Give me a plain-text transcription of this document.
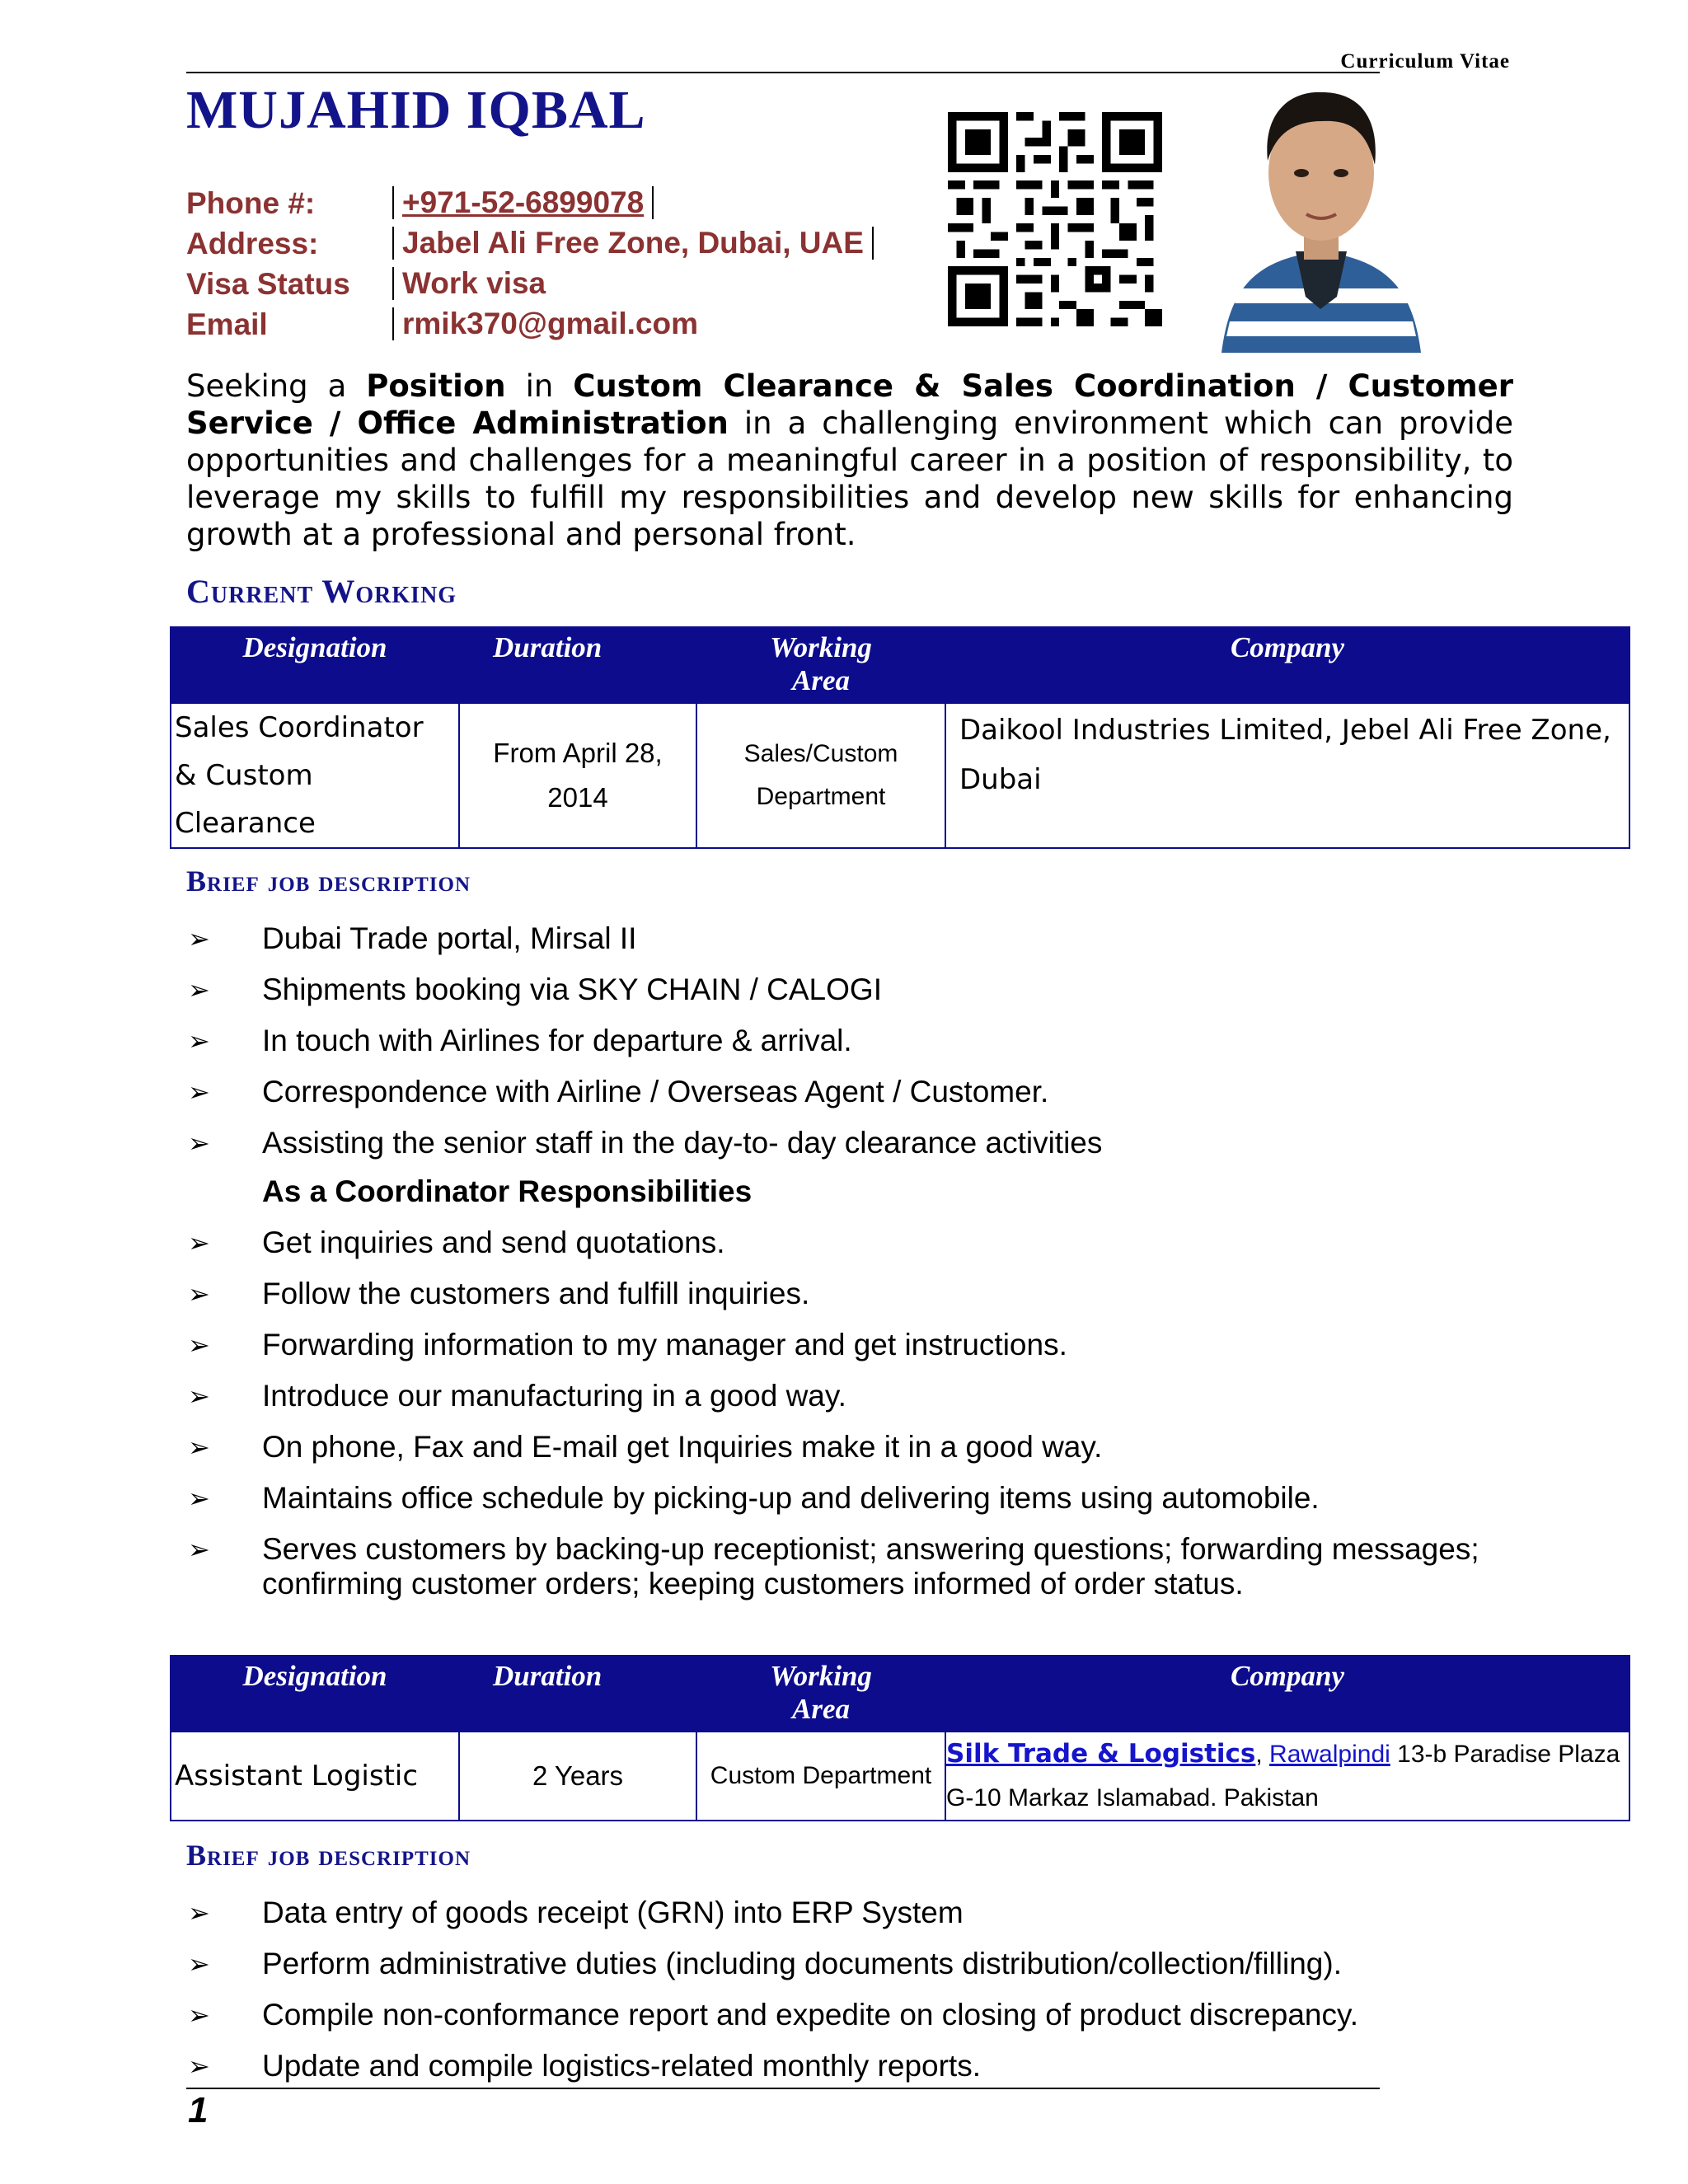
Curriculum Vitae
MUJAHID IQBAL
Phone #:	+971-52-6899078
Address:	Jabel Ali Free Zone, Dubai, UAE
Visa Status	Work visa
Email	rmik370@gmail.com

Seeking a Position in Custom Clearance & Sales Coordination / Customer Service / Office Administration in a challenging environment which can provide opportunities and challenges for a meaningful career in a position of responsibility, to leverage my skills to fulfill my responsibilities and develop new skills for enhancing growth at a professional and personal front.

Current Working
Designation	Duration	Working Area	Company
Sales Coordinator & Custom Clearance	From April 28, 2014	Sales/Custom Department	Daikool Industries Limited, Jebel Ali Free Zone, Dubai
Brief job description
➢ Dubai Trade portal, Mirsal II
➢ Shipments booking via SKY CHAIN / CALOGI
➢ In touch with Airlines for departure & arrival.
➢ Correspondence with Airline / Overseas Agent / Customer.
➢ Assisting the senior staff in the day-to- day clearance activities
As a Coordinator Responsibilities
➢ Get inquiries and send quotations.
➢ Follow the customers and fulfill inquiries.
➢ Forwarding information to my manager and get instructions.
➢ Introduce our manufacturing in a good way.
➢ On phone, Fax and E-mail get Inquiries make it in a good way.
➢ Maintains office schedule by picking-up and delivering items using automobile.
➢ Serves customers by backing-up receptionist; answering questions; forwarding messages; confirming customer orders; keeping customers informed of order status.
Designation	Duration	Working Area	Company
Assistant Logistic	2 Years	Custom Department	Silk Trade & Logistics, Rawalpindi 13-b Paradise Plaza G-10 Markaz Islamabad. Pakistan
Brief job description
➢ Data entry of goods receipt (GRN) into ERP System
➢ Perform administrative duties (including documents distribution/collection/filling).
➢ Compile non-conformance report and expedite on closing of product discrepancy.
➢ Update and compile logistics-related monthly reports.
1
